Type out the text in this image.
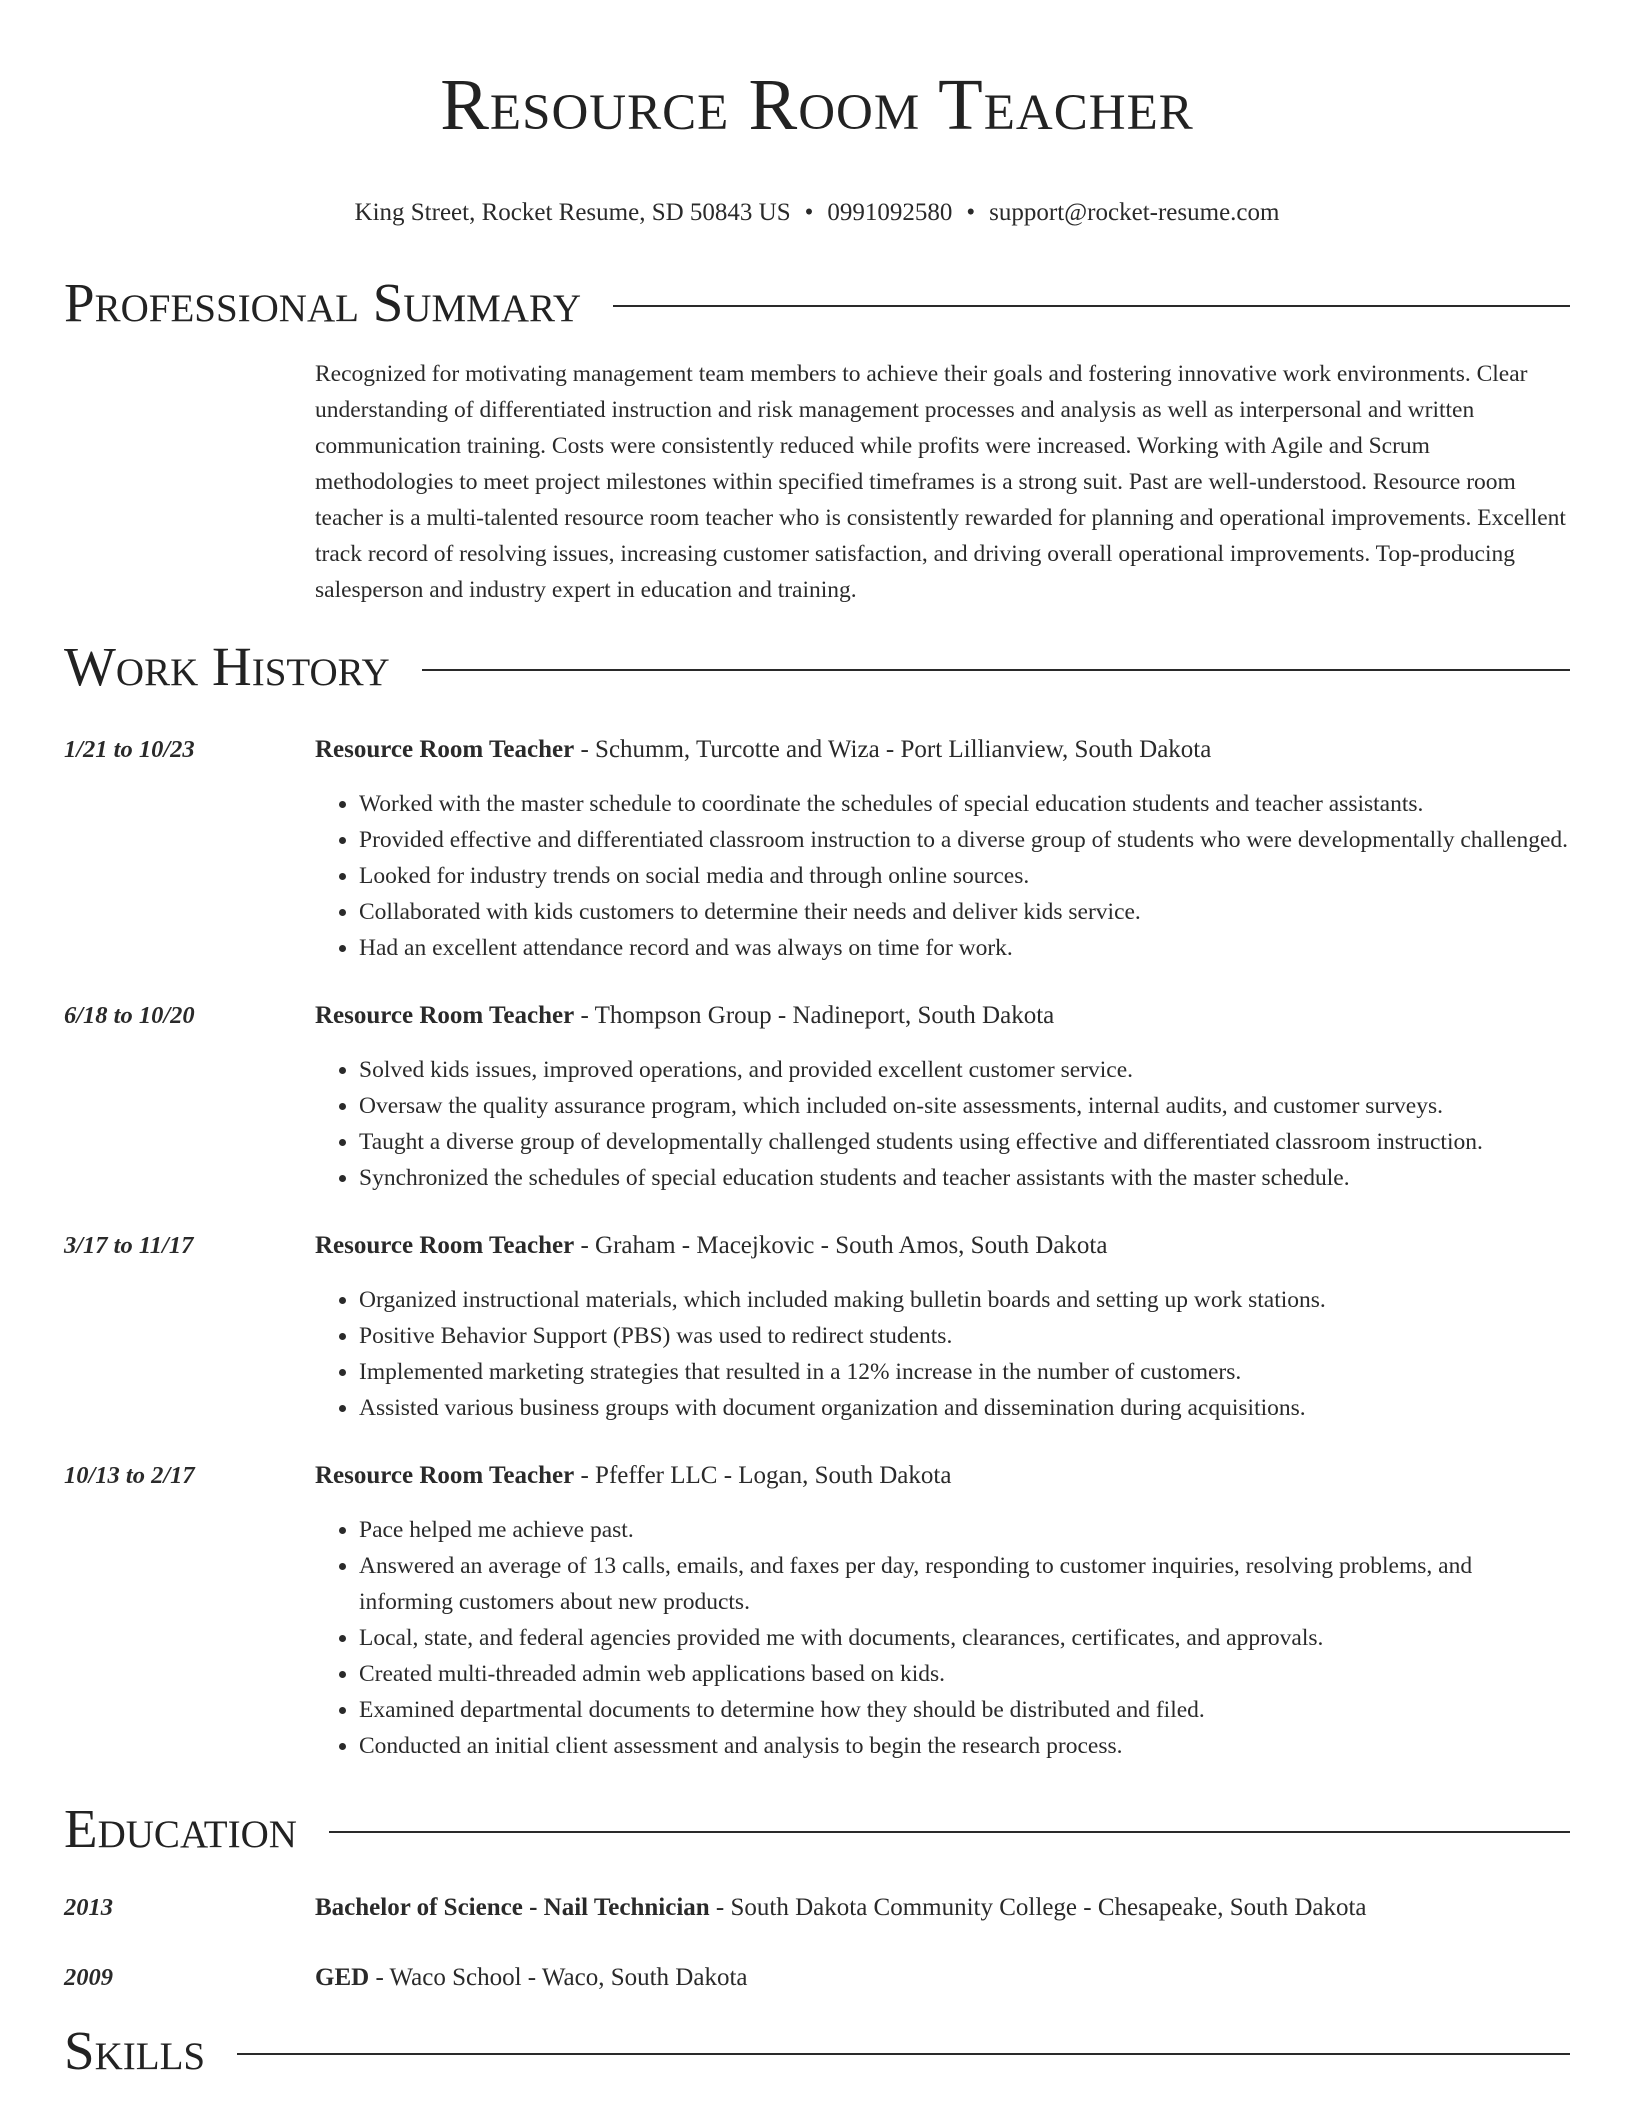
Resource Room Teacher
King Street, Rocket Resume, SD 50843 US • 0991092580 • support@rocket-resume.com
Professional Summary
Recognized for motivating management team members to achieve their goals and fostering innovative work environments. Clear understanding of differentiated instruction and risk management processes and analysis as well as interpersonal and written communication training. Costs were consistently reduced while profits were increased. Working with Agile and Scrum methodologies to meet project milestones within specified timeframes is a strong suit. Past are well-understood. Resource room teacher is a multi-talented resource room teacher who is consistently rewarded for planning and operational improvements. Excellent track record of resolving issues, increasing customer satisfaction, and driving overall operational improvements. Top-producing salesperson and industry expert in education and training.
Work History
1/21 to 10/23	Resource Room Teacher - Schumm, Turcotte and Wiza - Port Lillianview, South Dakota
• Worked with the master schedule to coordinate the schedules of special education students and teacher assistants.
• Provided effective and differentiated classroom instruction to a diverse group of students who were developmentally challenged.
• Looked for industry trends on social media and through online sources.
• Collaborated with kids customers to determine their needs and deliver kids service.
• Had an excellent attendance record and was always on time for work.
6/18 to 10/20	Resource Room Teacher - Thompson Group - Nadineport, South Dakota
• Solved kids issues, improved operations, and provided excellent customer service.
• Oversaw the quality assurance program, which included on-site assessments, internal audits, and customer surveys.
• Taught a diverse group of developmentally challenged students using effective and differentiated classroom instruction.
• Synchronized the schedules of special education students and teacher assistants with the master schedule.
3/17 to 11/17	Resource Room Teacher - Graham - Macejkovic - South Amos, South Dakota
• Organized instructional materials, which included making bulletin boards and setting up work stations.
• Positive Behavior Support (PBS) was used to redirect students.
• Implemented marketing strategies that resulted in a 12% increase in the number of customers.
• Assisted various business groups with document organization and dissemination during acquisitions.
10/13 to 2/17	Resource Room Teacher - Pfeffer LLC - Logan, South Dakota
• Pace helped me achieve past.
• Answered an average of 13 calls, emails, and faxes per day, responding to customer inquiries, resolving problems, and informing customers about new products.
• Local, state, and federal agencies provided me with documents, clearances, certificates, and approvals.
• Created multi-threaded admin web applications based on kids.
• Examined departmental documents to determine how they should be distributed and filed.
• Conducted an initial client assessment and analysis to begin the research process.
Education
2013	Bachelor of Science - Nail Technician - South Dakota Community College - Chesapeake, South Dakota
2009	GED - Waco School - Waco, South Dakota
Skills
